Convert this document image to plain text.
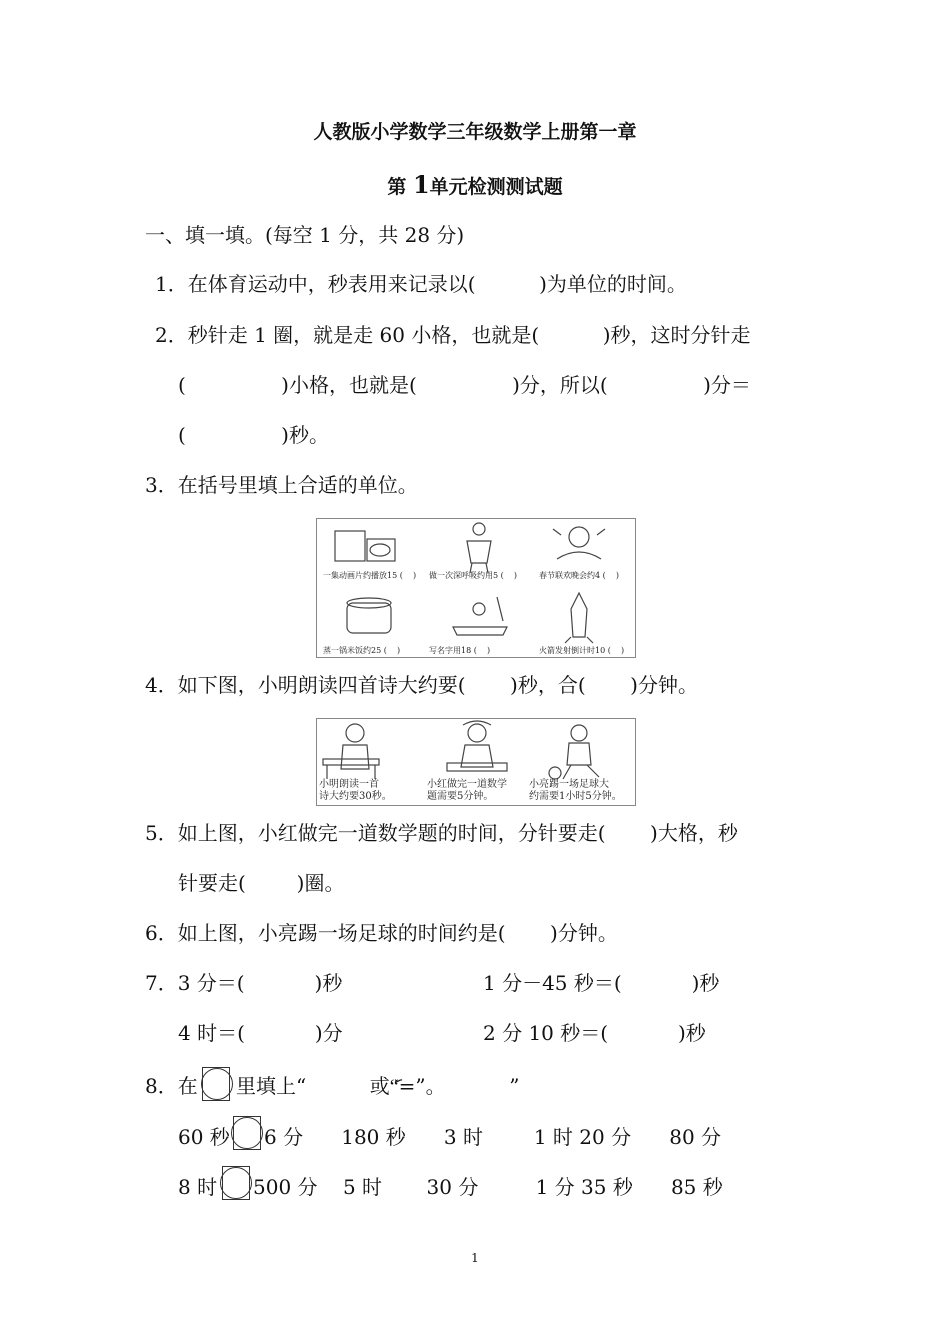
人教版小学数学三年级数学上册第一章
第 1单元检测测试题
一、填一填。(每空 1 分，共 28 分)
1．在体育运动中，秒表用来记录以(          )为单位的时间。
2．秒针走 1 圈，就是走 60 小格，也就是(          )秒，这时分针走
(               )小格，也就是(               )分，所以(               )分＝
(               )秒。
3．在括号里填上合适的单位。
一集动画片约播放15 (    ) 做一次深呼吸约用5 (    )	春节联欢晚会约4 (    )
蒸一锅米饭约25 (    )	写名字用18 (    )	火箭发射倒计时10 (    )
4．如下图，小明朗读四首诗大约要(       )秒，合(       )分钟。
小明朗读一首
诗大约要30秒。
小红做完一道数学
题需要5分钟。
小亮踢一场足球大
约需要1小时5分钟。
5．如上图，小红做完一道数学题的时间，分针要走(       )大格，秒
针要走(        )圈。
6．如上图，小亮踢一场足球的时间约是(       )分钟。
7．3 分＝(           )秒	1 分－45 秒＝(           )秒
4 时＝(           )分	2 分 10 秒＝(           )秒
8．在 里填上“          或“᷃=”。          ”
60 秒 6 分      180 秒      3 时        1 时 20 分      80 分
8 时 500 分    5 时       30 分         1 分 35 秒      85 秒
1
